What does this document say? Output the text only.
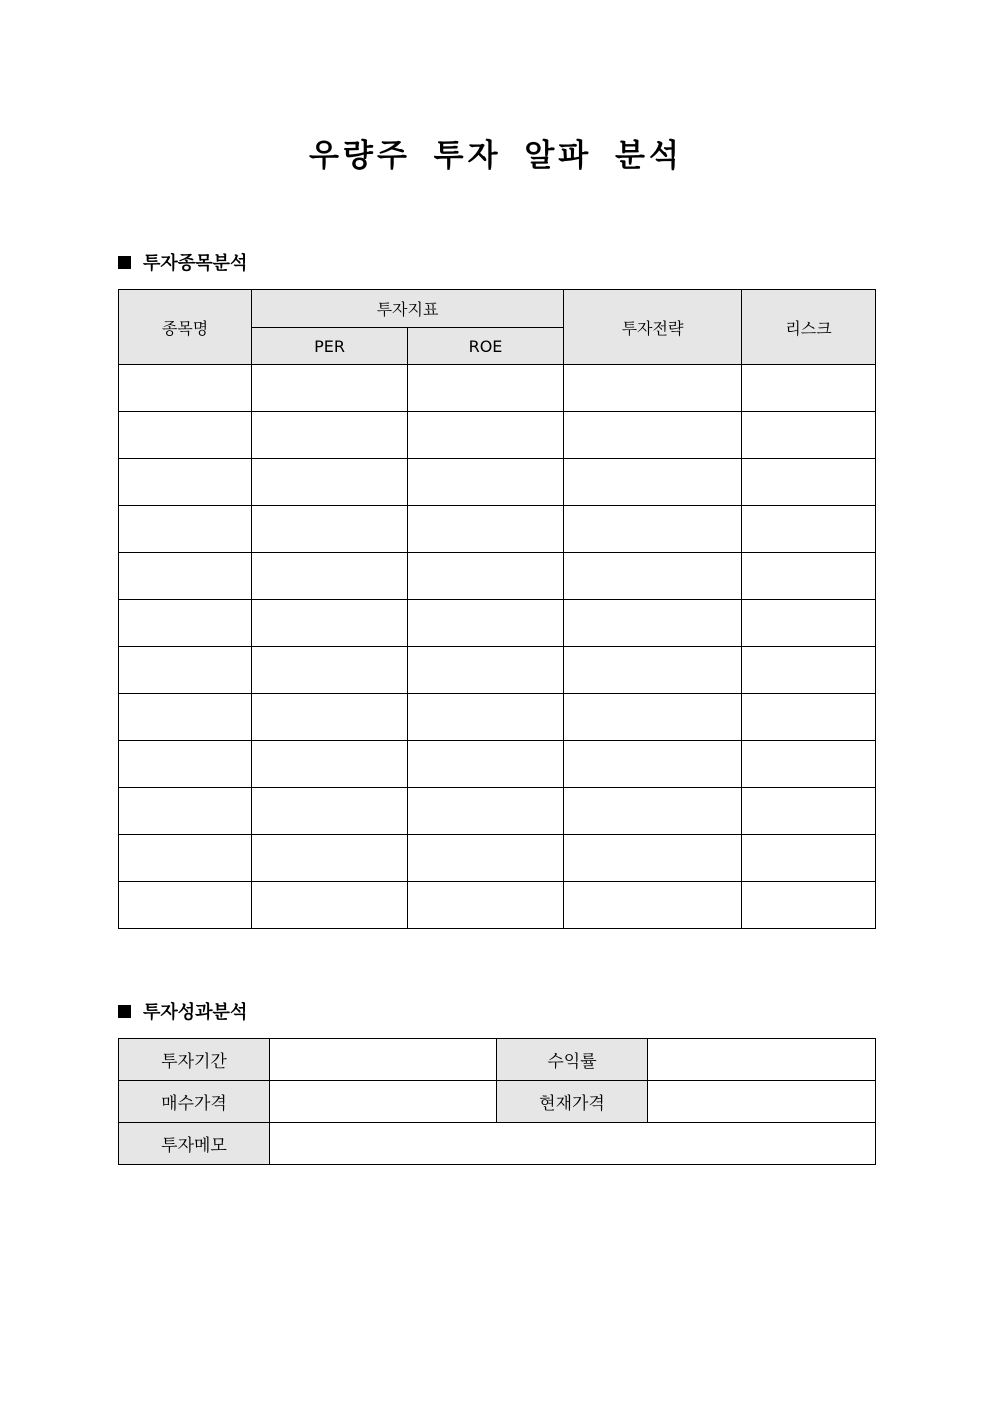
우량주 투자 알파 분석
투자종목분석
종목명	투자지표		투자전략	리스크
	PER	ROE		

투자성과분석
투자기간		수익률	
매수가격		현재가격	
투자메모			
